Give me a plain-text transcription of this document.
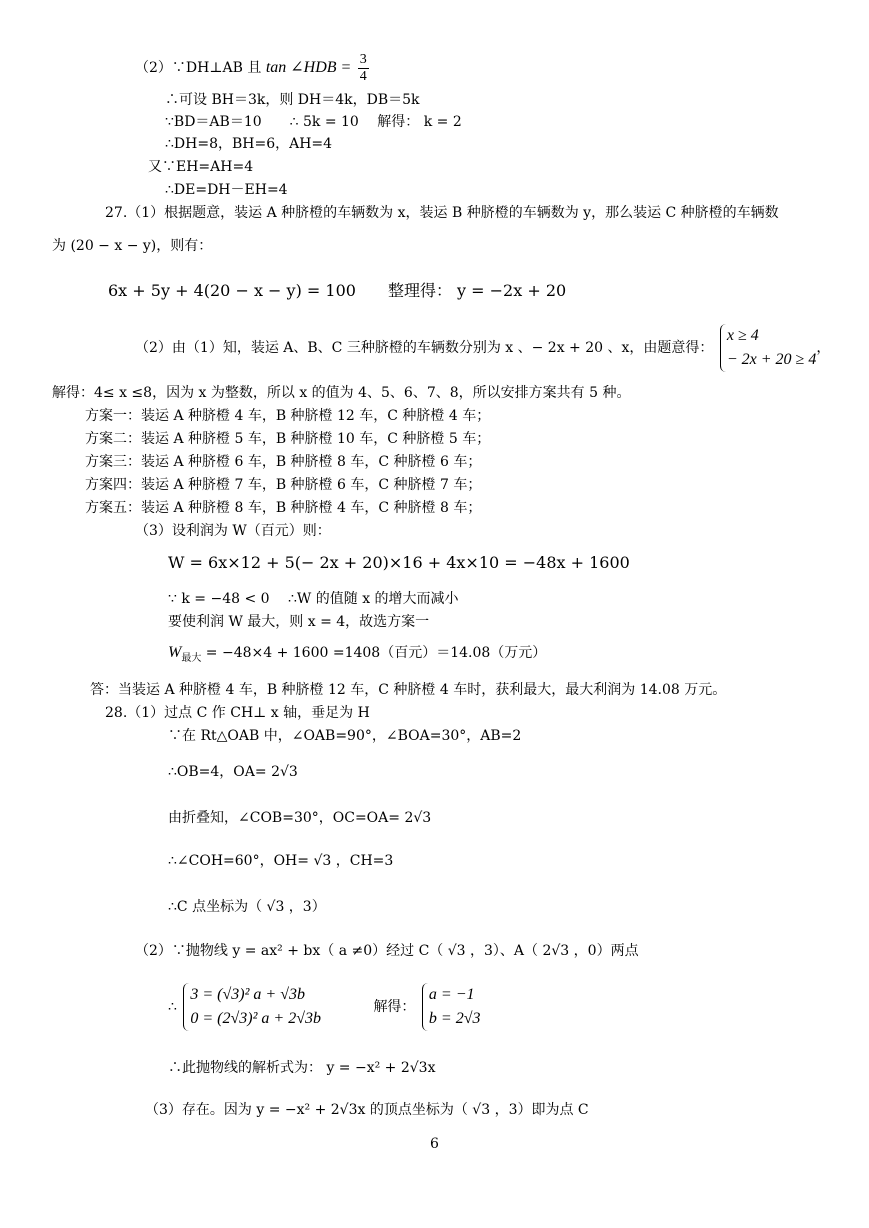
（2）∵DH⊥AB 且 tan ∠HDB = $\frac{3}{4}$
∴可设 BH＝3k，则 DH＝4k，DB＝5k
∵BD＝AB＝10　　∴ 5k = 10　 解得： k = 2
∴DH=8，BH=6，AH=4
又∵EH=AH=4
∴DE=DH－EH=4
27.（1）根据题意，装运 A 种脐橙的车辆数为 x，装运 B 种脐橙的车辆数为 y，那么装运 C 种脐橙的车辆数
为 (20 − x − y)，则有：
6x + 5y + 4(20 − x − y) = 100　　整理得： y = −2x + 20
（2）由（1）知，装运 A、B、C 三种脐橙的车辆数分别为 x 、− 2x + 20 、x，由题意得：
x ≥ 4
− 2x + 20 ≥ 4
，
解得：4≤ x ≤8，因为 x 为整数，所以 x 的值为 4、5、6、7、8，所以安排方案共有 5 种。
方案一：装运 A 种脐橙 4 车，B 种脐橙 12 车，C 种脐橙 4 车；
方案二：装运 A 种脐橙 5 车，B 种脐橙 10 车，C 种脐橙 5 车；
方案三：装运 A 种脐橙 6 车，B 种脐橙 8 车，C 种脐橙 6 车；
方案四：装运 A 种脐橙 7 车，B 种脐橙 6 车，C 种脐橙 7 车；
方案五：装运 A 种脐橙 8 车，B 种脐橙 4 车，C 种脐橙 8 车；
（3）设利润为 W（百元）则：
W = 6x×12 + 5(− 2x + 20)×16 + 4x×10 = −48x + 1600
∵ k = −48 < 0　 ∴W 的值随 x 的增大而减小
要使利润 W 最大，则 x = 4，故选方案一
$W_{最大} = -48\times 4 + 1600 =1408$（百元）＝14.08（万元）
答：当装运 A 种脐橙 4 车，B 种脐橙 12 车，C 种脐橙 4 车时，获利最大，最大利润为 14.08 万元。
28.（1）过点 C 作 CH⊥ x 轴，垂足为 H
∵在 Rt△OAB 中，∠OAB=90°，∠BOA=30°，AB=2
∴OB=4，OA= 2√3
由折叠知，∠COB=30°，OC=OA= 2√3
∴∠COH=60°，OH= √3 ，CH=3
∴C 点坐标为（ √3 ，3）
（2）∵抛物线 y = ax² + bx（ a ≠0）经过 C（ √3 ，3）、A（ 2√3 ，0）两点
∴
3 = (√3)² a + √3b
0 = (2√3)² a + 2√3b
解得：
a = −1
b = 2√3
∴此抛物线的解析式为： y = −x² + 2√3x
（3）存在。因为 y = −x² + 2√3x 的顶点坐标为（ √3 ，3）即为点 C
6
